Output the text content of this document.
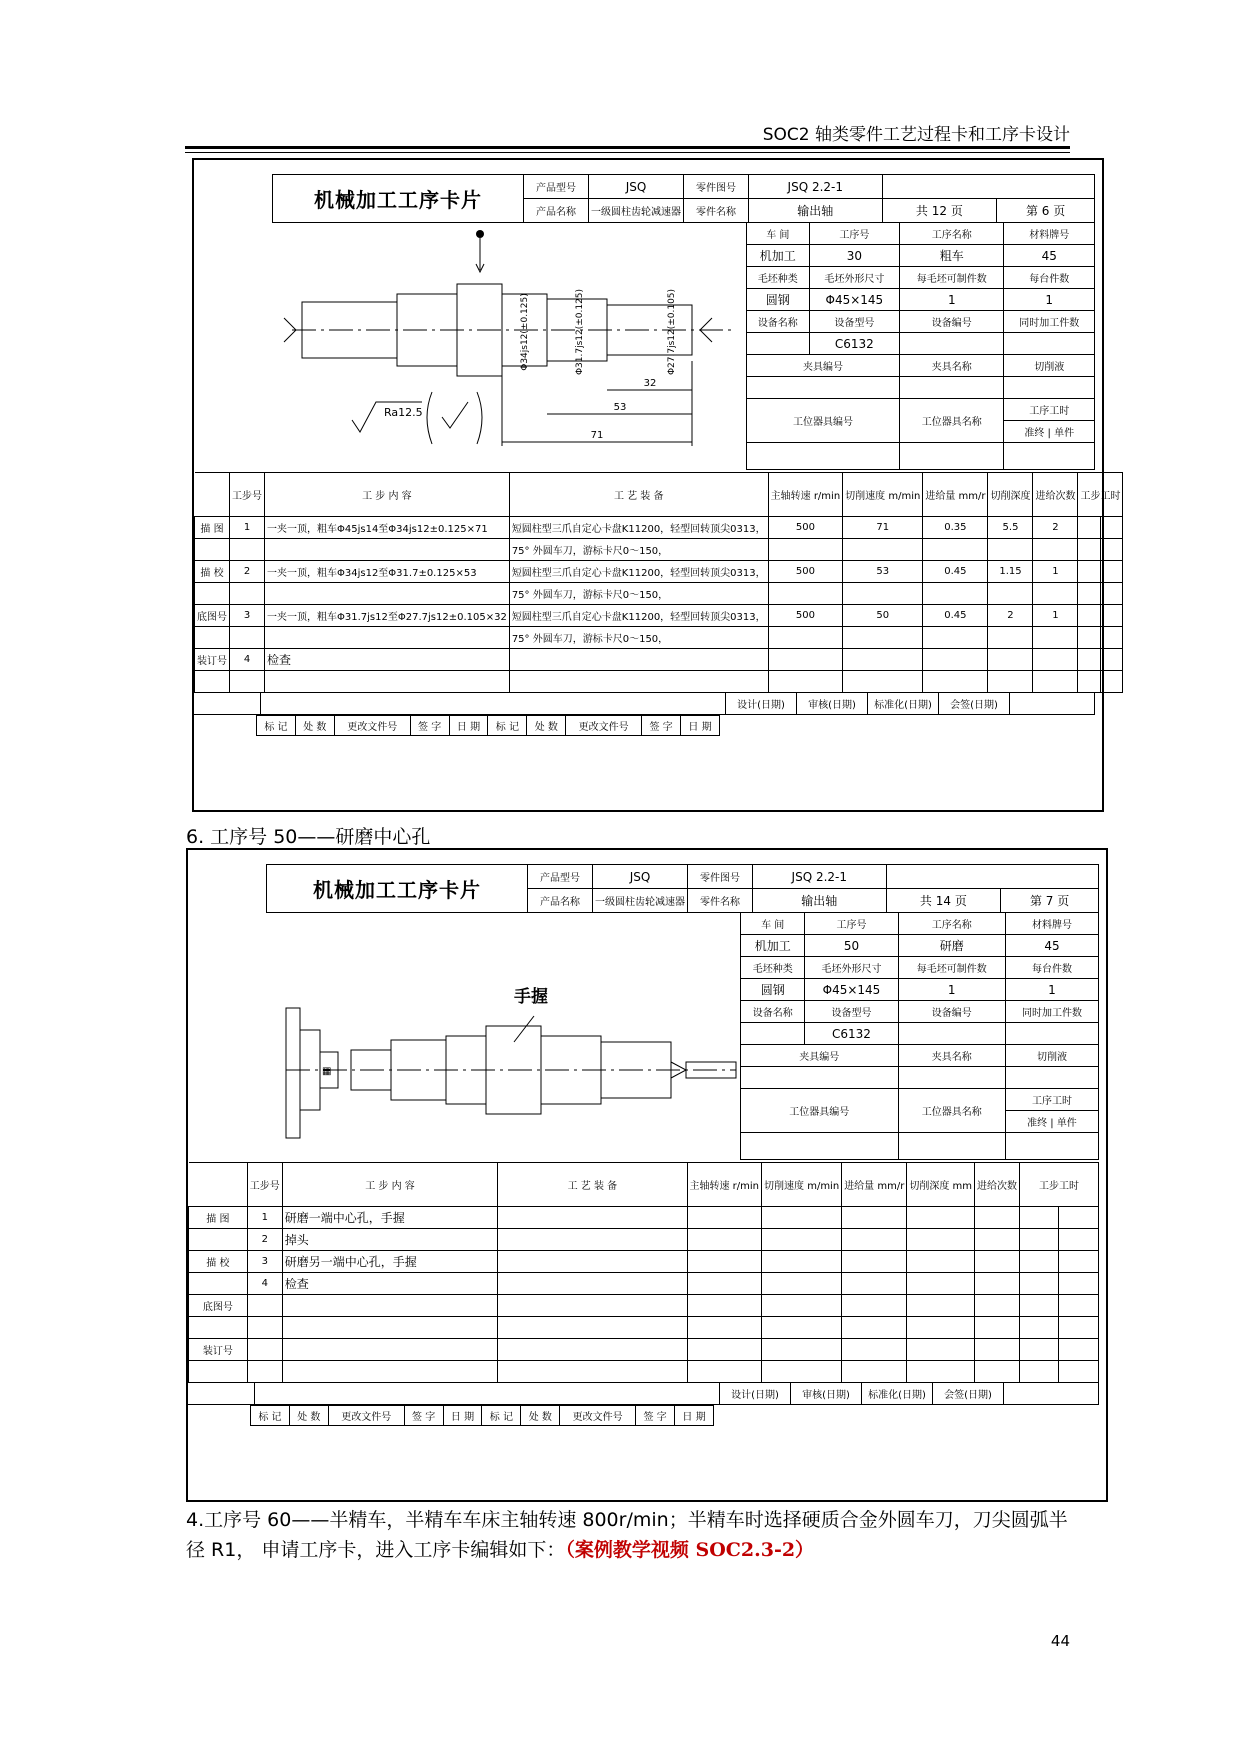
SOC2 轴类零件工艺过程卡和工序卡设计
机械加工工序卡片	产品型号	JSQ	零件图号	JSQ 2.2-1		
	产品名称	一级圆柱齿轮减速器	零件名称	输出轴	共 12 页	第 6 页
Φ34js12(±0.125)	Φ31.7js12(±0.125)	Φ27.7js12(±0.105)
32
53
71
Ra12.5
车 间	工序号	工序名称	材料牌号
机加工	30	粗车	45
毛坯种类	毛坯外形尺寸	每毛坯可制件数	每台件数
圆钢	Φ45×145	1	1
设备名称	设备型号	设备编号	同时加工件数
	C6132		
夹具编号		夹具名称	切削液

工位器具编号		工位器具名称	工序工时
			准终 | 单件

	工步号	工 步 内 容	工 艺 装 备	主轴转速 r/min	切削速度 m/min	进给量 mm/r	切削深度	进给次数	工步工时	
描 图	1	一夹一顶，粗车Φ45js14至Φ34js12±0.125×71	短圆柱型三爪自定心卡盘K11200，轻型回转顶尖0313，	500	71	0.35	5.5	2		
			75° 外圆车刀，游标卡尺0～150，							
描 校	2	一夹一顶，粗车Φ34js12至Φ31.7±0.125×53	短圆柱型三爪自定心卡盘K11200，轻型回转顶尖0313，	500	53	0.45	1.15	1		
			75° 外圆车刀，游标卡尺0～150，							
底图号	3	一夹一顶，粗车Φ31.7js12至Φ27.7js12±0.105×32	短圆柱型三爪自定心卡盘K11200，轻型回转顶尖0313，	500	50	0.45	2	1		
			75° 外圆车刀，游标卡尺0～150，							
装订号	4	检查								

		设计(日期)	审核(日期)	标准化(日期)	会签(日期)	
标 记	处 数	更改文件号	签 字	日 期	标 记	处 数	更改文件号	签 字	日 期
6. 工序号 50——研磨中心孔
机械加工工序卡片	产品型号	JSQ	零件图号	JSQ 2.2-1		
	产品名称	一级圆柱齿轮减速器	零件名称	输出轴	共 14 页	第 7 页
▦
手握
车 间	工序号	工序名称	材料牌号
机加工	50	研磨	45
毛坯种类	毛坯外形尺寸	每毛坯可制件数	每台件数
圆钢	Φ45×145	1	1
设备名称	设备型号	设备编号	同时加工件数
	C6132		
夹具编号		夹具名称	切削液

工位器具编号		工位器具名称	工序工时
			准终 | 单件

	工步号	工 步 内 容	工 艺 装 备	主轴转速 r/min	切削速度 m/min	进给量 mm/r	切削深度 mm	进给次数	工步工时	
描 图	1	研磨一端中心孔，手握								
	2	掉头								
描 校	3	研磨另一端中心孔，手握								
	4	检查								
底图号										

装订号										

		设计(日期)	审核(日期)	标准化(日期)	会签(日期)	
标 记	处 数	更改文件号	签 字	日 期	标 记	处 数	更改文件号	签 字	日 期
4.工序号 60——半精车，半精车车床主轴转速 800r/min；半精车时选择硬质合金外圆车刀，刀尖圆弧半径 R1， 申请工序卡，进入工序卡编辑如下：（案例教学视频 SOC2.3-2）
44
